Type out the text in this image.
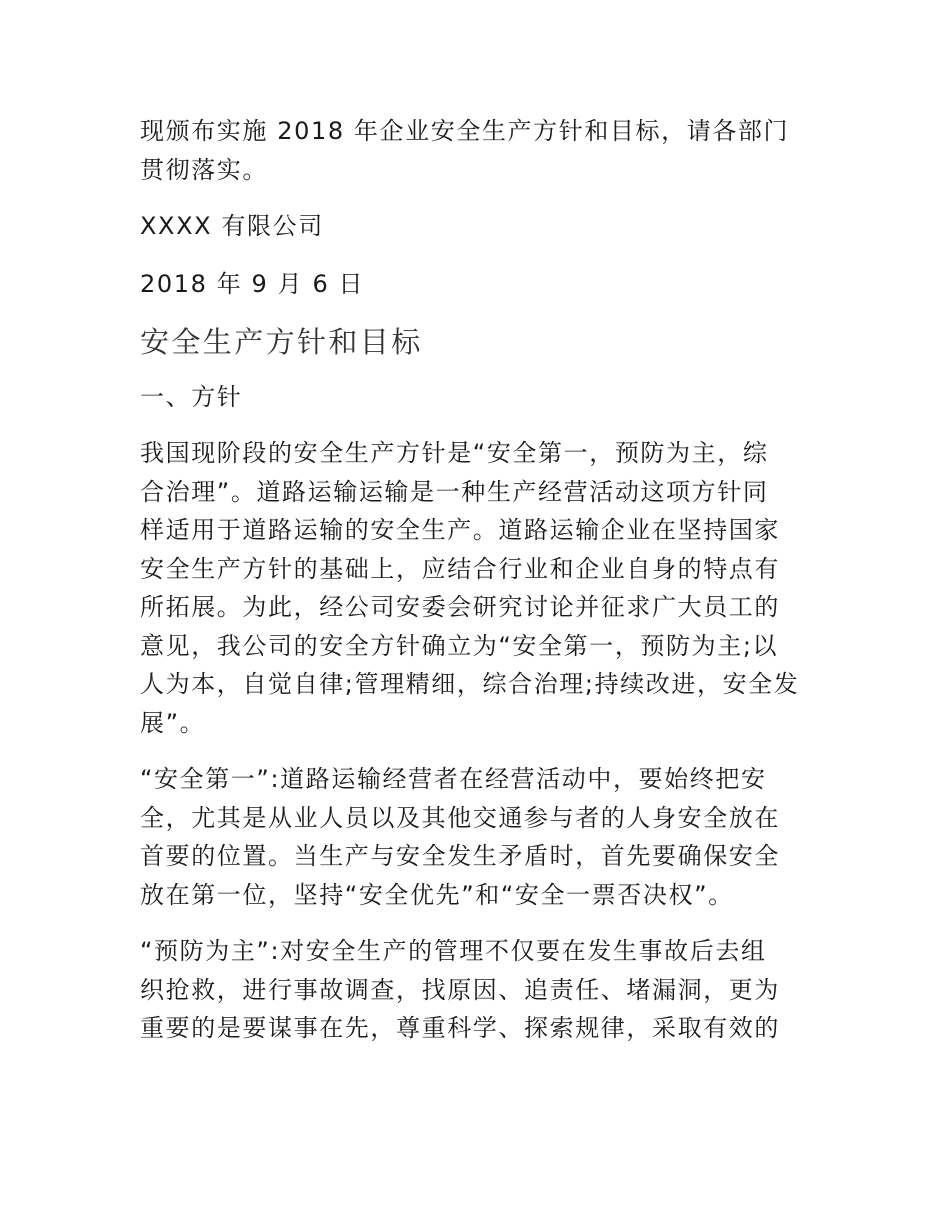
现颁布实施 2018 年企业安全生产方针和目标，请各部门
贯彻落实。
XXXX 有限公司
2018 年 9 月 6 日
安全生产方针和目标
一、方针
我国现阶段的安全生产方针是“安全第一，预防为主，综
合治理”。道路运输运输是一种生产经营活动这项方针同
样适用于道路运输的安全生产。道路运输企业在坚持国家
安全生产方针的基础上，应结合行业和企业自身的特点有
所拓展。为此，经公司安委会研究讨论并征求广大员工的
意见，我公司的安全方针确立为“安全第一，预防为主;以
人为本，自觉自律;管理精细，综合治理;持续改进，安全发
展”。
“安全第一”:道路运输经营者在经营活动中，要始终把安
全，尤其是从业人员以及其他交通参与者的人身安全放在
首要的位置。当生产与安全发生矛盾时，首先要确保安全
放在第一位，坚持“安全优先”和“安全一票否决权”。
“预防为主”:对安全生产的管理不仅要在发生事故后去组
织抢救，进行事故调查，找原因、追责任、堵漏洞，更为
重要的是要谋事在先，尊重科学、探索规律，采取有效的
